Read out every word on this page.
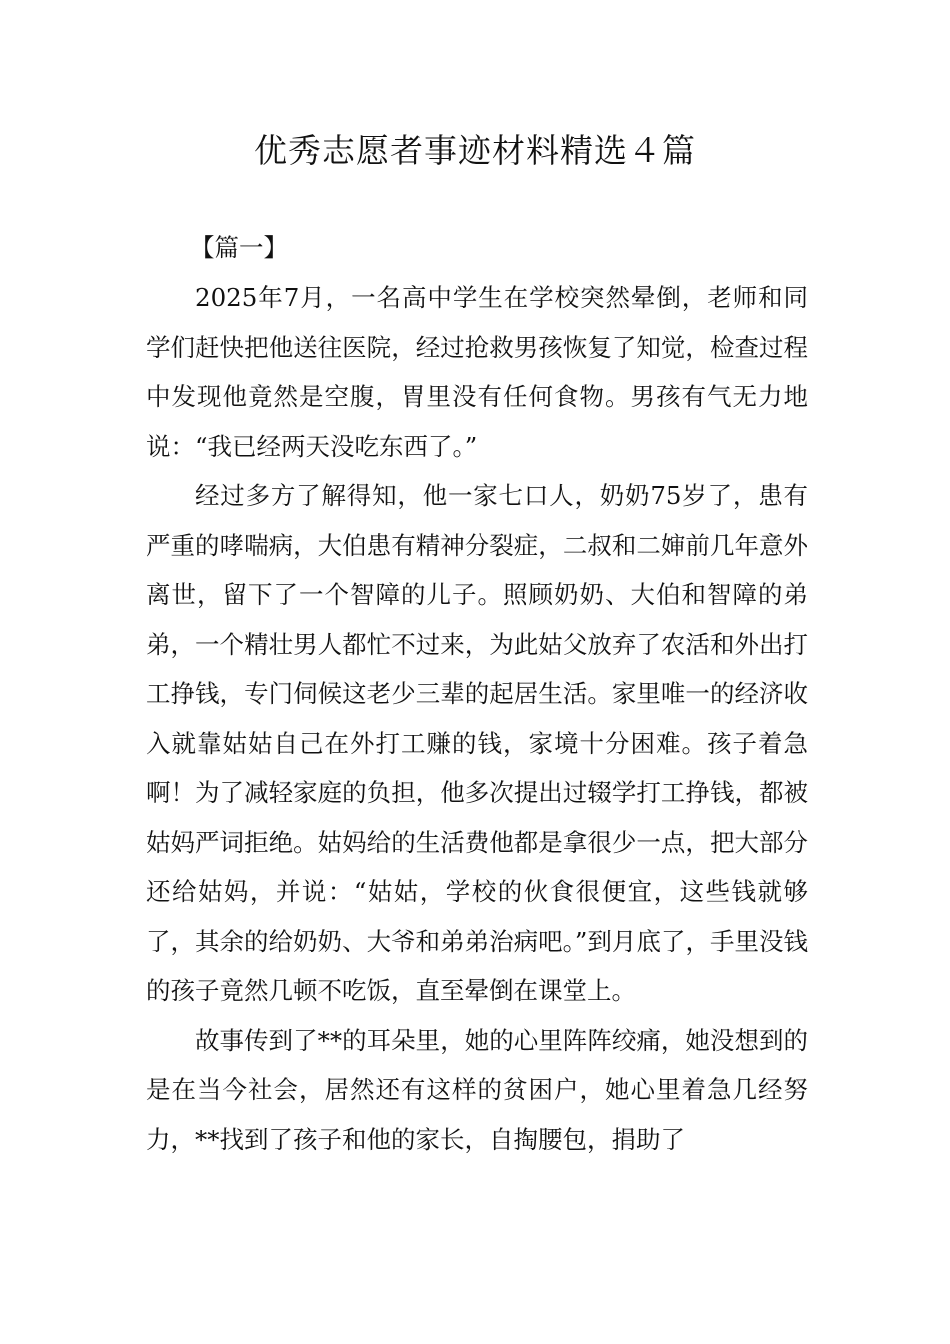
优秀志愿者事迹材料精选４篇

【篇一】

2025年7月，一名高中学生在学校突然晕倒，老师和同学们赶快把他送往医院，经过抢救男孩恢复了知觉，检查过程中发现他竟然是空腹，胃里没有任何食物。男孩有气无力地说：“我已经两天没吃东西了。”

经过多方了解得知，他一家七口人，奶奶75岁了，患有严重的哮喘病，大伯患有精神分裂症，二叔和二婶前几年意外离世，留下了一个智障的儿子。照顾奶奶、大伯和智障的弟弟，一个精壮男人都忙不过来，为此姑父放弃了农活和外出打工挣钱，专门伺候这老少三辈的起居生活。家里唯一的经济收入就靠姑姑自己在外打工赚的钱，家境十分困难。孩子着急啊！为了减轻家庭的负担，他多次提出过辍学打工挣钱，都被姑妈严词拒绝。姑妈给的生活费他都是拿很少一点，把大部分还给姑妈，并说：“姑姑，学校的伙食很便宜，这些钱就够了，其余的给奶奶、大爷和弟弟治病吧。”到月底了，手里没钱的孩子竟然几顿不吃饭，直至晕倒在课堂上。

故事传到了**的耳朵里，她的心里阵阵绞痛，她没想到的是在当今社会，居然还有这样的贫困户，她心里着急几经努力，**找到了孩子和他的家长，自掏腰包，捐助了
